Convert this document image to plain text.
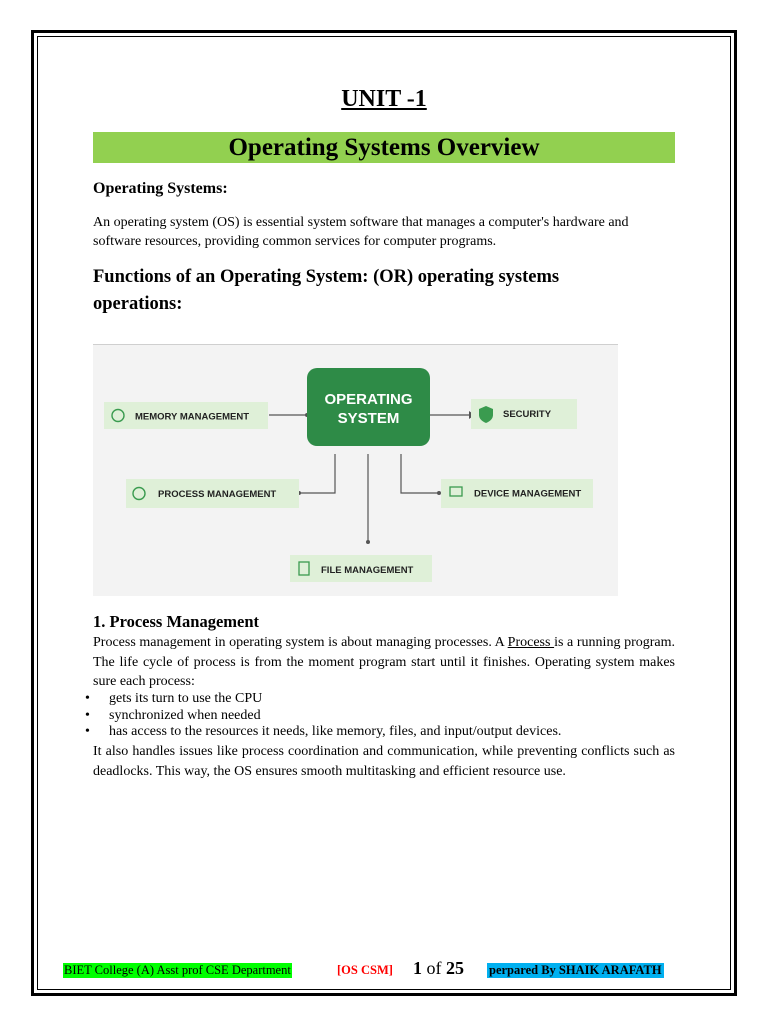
UNIT -1
Operating Systems Overview
Operating Systems:
An operating system (OS) is essential system software that manages a computer's hardware and software resources, providing common services for computer programs.
Functions of an Operating System: (OR) operating systems operations:
OPERATING
SYSTEM
MEMORY MANAGEMENT	SECURITY
PROCESS MANAGEMENT	DEVICE MANAGEMENT
FILE MANAGEMENT
1. Process Management

Process management in operating system is about managing processes. A Process is a running program. The life cycle of process is from the moment program start until it finishes. Operating system makes sure each process:

• gets its turn to use the CPU
• synchronized when needed
• has access to the resources it needs, like memory, files, and input/output devices.

It also handles issues like process coordination and communication, while preventing conflicts such as deadlocks. This way, the OS ensures smooth multitasking and efficient resource use.

BIET College (A) Asst prof CSE Department	[OS CSM] 1 of 25 perpared By SHAIK ARAFATH
